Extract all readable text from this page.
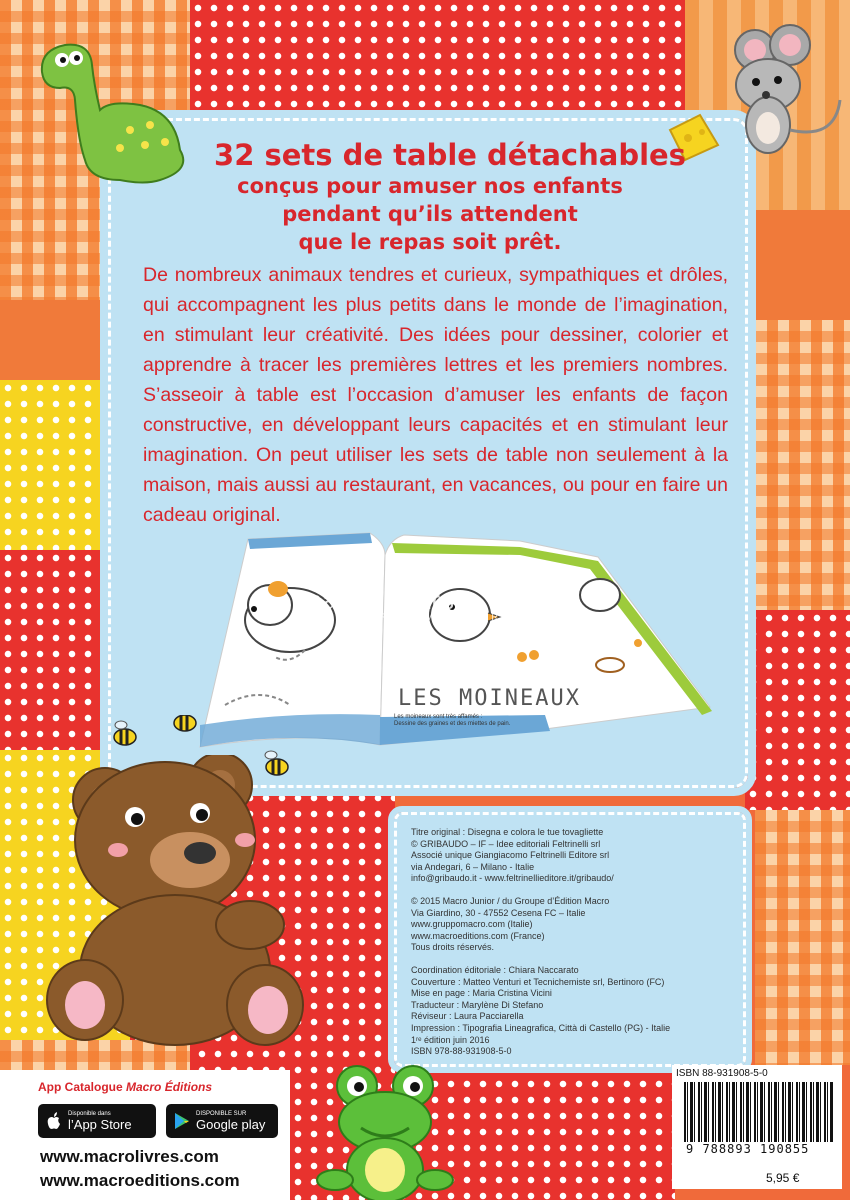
32 sets de table détachables
conçus pour amuser nos enfants
pendant qu’ils attendent
que le repas soit prêt.
De nombreux animaux tendres et curieux, sympathiques et drôles, qui accompagnent les plus petits dans le monde de l’imagination, en stimulant leur créativité. Des idées pour dessiner, colorier et apprendre à tracer les premières lettres et les premiers nombres. S’asseoir à table est l’occasion d’amuser les enfants de façon constructive, en développant leurs capacités et en stimulant leur imagination. On peut utiliser les sets de table non seulement à la maison, mais aussi au restaurant, en vacances, ou pour en faire un cadeau original.
macrolibrarsi
ALTERNATIVA NATURALE
LES MOINEAUX
Les moineaux sont très affamés :
Dessine des graines et des miettes de pain.
Titre original : Disegna e colora le tue tovagliette
© GRIBAUDO – IF – Idee editoriali Feltrinelli srl
Associé unique Giangiacomo Feltrinelli Editore srl
via Andegari, 6 – Milano - Italie
info@gribaudo.it - www.feltrinellieditore.it/gribaudo/
© 2015 Macro Junior / du Groupe d’Édition Macro
Via Giardino, 30 - 47552 Cesena FC – Italie
www.gruppomacro.com (Italie)
www.macroeditions.com (France)
Tous droits réservés.
Coordination éditoriale : Chiara Naccarato
Couverture : Matteo Venturi et Tecnichemiste srl, Bertinoro (FC)
Mise en page : Maria Cristina Vicini
Traducteur : Marylène Di Stefano
Réviseur : Laura Pacciarella
Impression : Tipografia Lineagrafica, Città di Castello (PG) - Italie
1ʳᵉ édition juin 2016
ISBN 978-88-931908-5-0
App Catalogue Macro Éditions
Disponible dans
l’App Store
DISPONIBLE SUR
Google play
www.macrolivres.com
www.macroeditions.com
ISBN 88-931908-5-0
9 788893 190855
5,95 €
